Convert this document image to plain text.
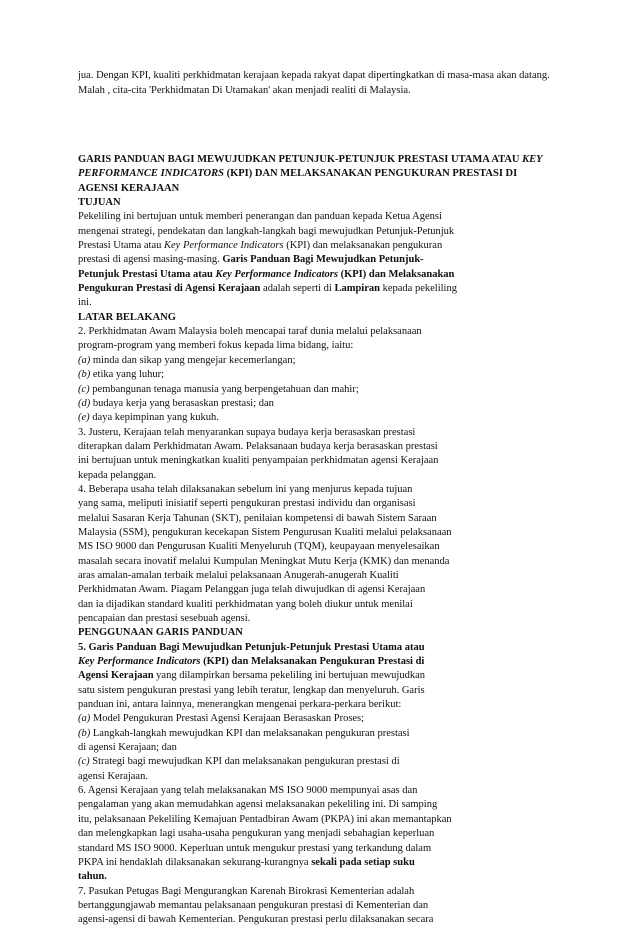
jua. Dengan KPI, kualiti perkhidmatan kerajaan kepada rakyat dapat dipertingkatkan di masa-masa akan datang.
Malah , cita-cita 'Perkhidmatan Di Utamakan' akan menjadi realiti di Malaysia.

GARIS PANDUAN BAGI MEWUJUDKAN PETUNJUK-PETUNJUK PRESTASI UTAMA ATAU KEY
PERFORMANCE INDICATORS (KPI) DAN MELAKSANAKAN PENGUKURAN PRESTASI DI
AGENSI KERAJAAN
TUJUAN
Pekeliling ini bertujuan untuk memberi penerangan dan panduan kepada Ketua Agensi
mengenai strategi, pendekatan dan langkah-langkah bagi mewujudkan Petunjuk-Petunjuk
Prestasi Utama atau Key Performance Indicators (KPI) dan melaksanakan pengukuran
prestasi di agensi masing-masing. Garis Panduan Bagi Mewujudkan Petunjuk-
Petunjuk Prestasi Utama atau Key Performance Indicators (KPI) dan Melaksanakan
Pengukuran Prestasi di Agensi Kerajaan adalah seperti di Lampiran kepada pekeliling
ini.
LATAR BELAKANG
2. Perkhidmatan Awam Malaysia boleh mencapai taraf dunia melalui pelaksanaan
program-program yang memberi fokus kepada lima bidang, iaitu:
(a) minda dan sikap yang mengejar kecemerlangan;
(b) etika yang luhur;
(c) pembangunan tenaga manusia yang berpengetahuan dan mahir;
(d) budaya kerja yang berasaskan prestasi; dan
(e) daya kepimpinan yang kukuh.
3. Justeru, Kerajaan telah menyarankan supaya budaya kerja berasaskan prestasi
diterapkan dalam Perkhidmatan Awam. Pelaksanaan budaya kerja berasaskan prestasi
ini bertujuan untuk meningkatkan kualiti penyampaian perkhidmatan agensi Kerajaan
kepada pelanggan.
4. Beberapa usaha telah dilaksanakan sebelum ini yang menjurus kepada tujuan
yang sama, meliputi inisiatif seperti pengukuran prestasi individu dan organisasi
melalui Sasaran Kerja Tahunan (SKT), penilaian kompetensi di bawah Sistem Saraan
Malaysia (SSM), pengukuran kecekapan Sistem Pengurusan Kualiti melalui pelaksanaan
MS ISO 9000 dan Pengurusan Kualiti Menyeluruh (TQM), keupayaan menyelesaikan
masalah secara inovatif melalui Kumpulan Meningkat Mutu Kerja (KMK) dan menanda
aras amalan-amalan terbaik melalui pelaksanaan Anugerah-anugerah Kualiti
Perkhidmatan Awam. Piagam Pelanggan juga telah diwujudkan di agensi Kerajaan
dan ia dijadikan standard kualiti perkhidmatan yang boleh diukur untuk menilai
pencapaian dan prestasi sesebuah agensi.
PENGGUNAAN GARIS PANDUAN
5. Garis Panduan Bagi Mewujudkan Petunjuk-Petunjuk Prestasi Utama atau
Key Performance Indicators (KPI) dan Melaksanakan Pengukuran Prestasi di
Agensi Kerajaan yang dilampirkan bersama pekeliling ini bertujuan mewujudkan
satu sistem pengukuran prestasi yang lebih teratur, lengkap dan menyeluruh. Garis
panduan ini, antara lainnya, menerangkan mengenai perkara-perkara berikut:
(a) Model Pengukuran Prestasi Agensi Kerajaan Berasaskan Proses;
(b) Langkah-langkah mewujudkan KPI dan melaksanakan pengukuran prestasi
di agensi Kerajaan; dan
(c) Strategi bagi mewujudkan KPI dan melaksanakan pengukuran prestasi di
agensi Kerajaan.
6. Agensi Kerajaan yang telah melaksanakan MS ISO 9000 mempunyai asas dan
pengalaman yang akan memudahkan agensi melaksanakan pekeliling ini. Di samping
itu, pelaksanaan Pekeliling Kemajuan Pentadbiran Awam (PKPA) ini akan memantapkan
dan melengkapkan lagi usaha-usaha pengukuran yang menjadi sebahagian keperluan
standard MS ISO 9000. Keperluan untuk mengukur prestasi yang terkandung dalam
PKPA ini hendaklah dilaksanakan sekurang-kurangnya sekali pada setiap suku
tahun.
7. Pasukan Petugas Bagi Mengurangkan Karenah Birokrasi Kementerian adalah
bertanggungjawab memantau pelaksanaan pengukuran prestasi di Kementerian dan
agensi-agensi di bawah Kementerian. Pengukuran prestasi perlu dilaksanakan secara
